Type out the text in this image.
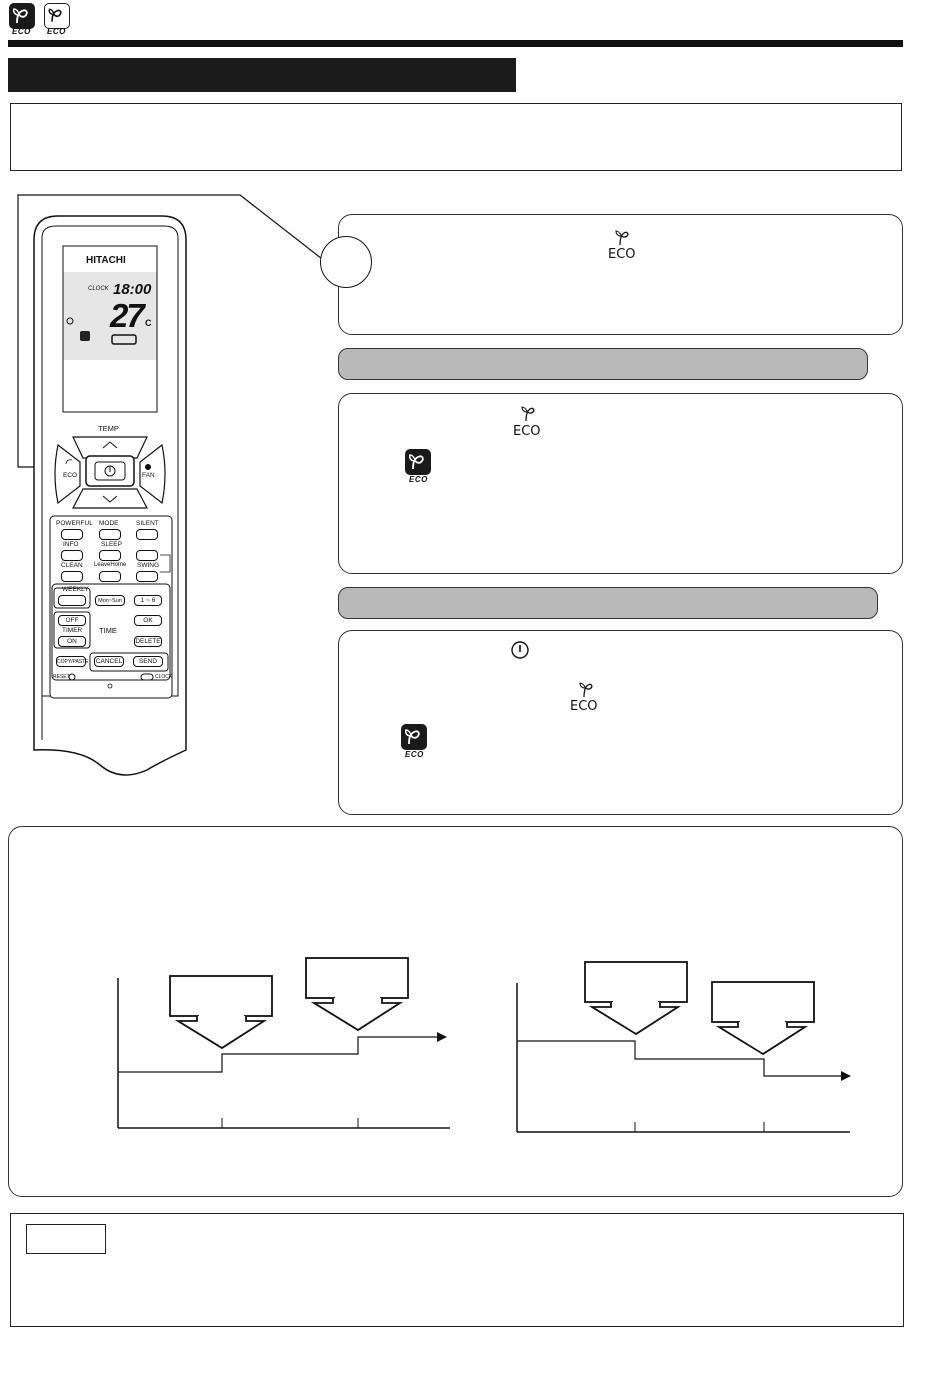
ECO ECO
HITACHI
CLOCK 18:00
27 C
TEMP
ECO	FAN
POWERFUL MODE	SILENT
INFO	SLEEP
CLEAN LeaveHome SWING
WEEKLY
Mon~Sun	1 ~ 6
OFF
TIMER
ON
TIME
OK
DELETE
COPY/PASTE CANCEL	SEND
RESET	CLOCK
ECO
ECO
ECO
ECO
ECO
